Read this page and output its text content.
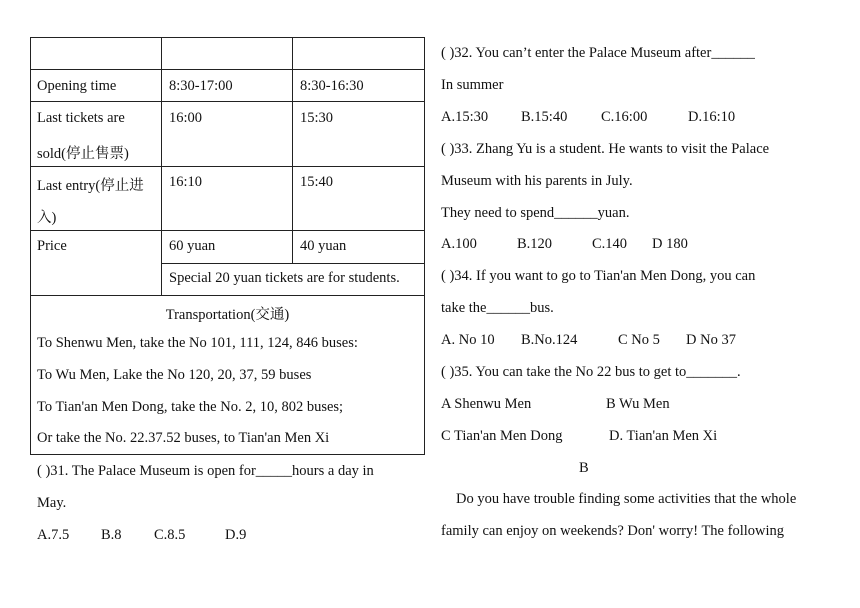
Opening time	8:30-17:00	8:30-16:30
Last tickets are
sold(停止售票)
16:00	15:30
Last entry(停止进
入)
16:10	15:40
Price	60 yuan	40 yuan
Special 20 yuan tickets are for students.
Transportation(交通)
To Shenwu Men, take the No 101, 111, 124, 846 buses:
To Wu Men, Lake the No 120, 20, 37, 59 buses
To Tian'an Men Dong, take the No. 2, 10, 802 buses;
Or take the No. 22.37.52 buses, to Tian'an Men Xi
( )31. The Palace Museum is open for_____hours a day in
May.
A.7.5 B.8 C.8.5	D.9
( )32. You can’t enter the Palace Museum after______
In summer
A.15:30 B.15:40 C.16:00	D.16:10
( )33. Zhang Yu is a student. He wants to visit the Palace
Museum with his parents in July.
They need to spend______yuan.
A.100	B.120	C.140 D 180
( )34. If you want to go to Tian'an Men Dong, you can
take the______bus.
A. No 10 B.No.124	C No 5 D No 37
( )35. You can take the No 22 bus to get to_______.
A Shenwu Men	B Wu Men
C Tian'an Men Dong	D. Tian'an Men Xi
B
Do you have trouble finding some activities that the whole
family can enjoy on weekends? Don' worry! The following
